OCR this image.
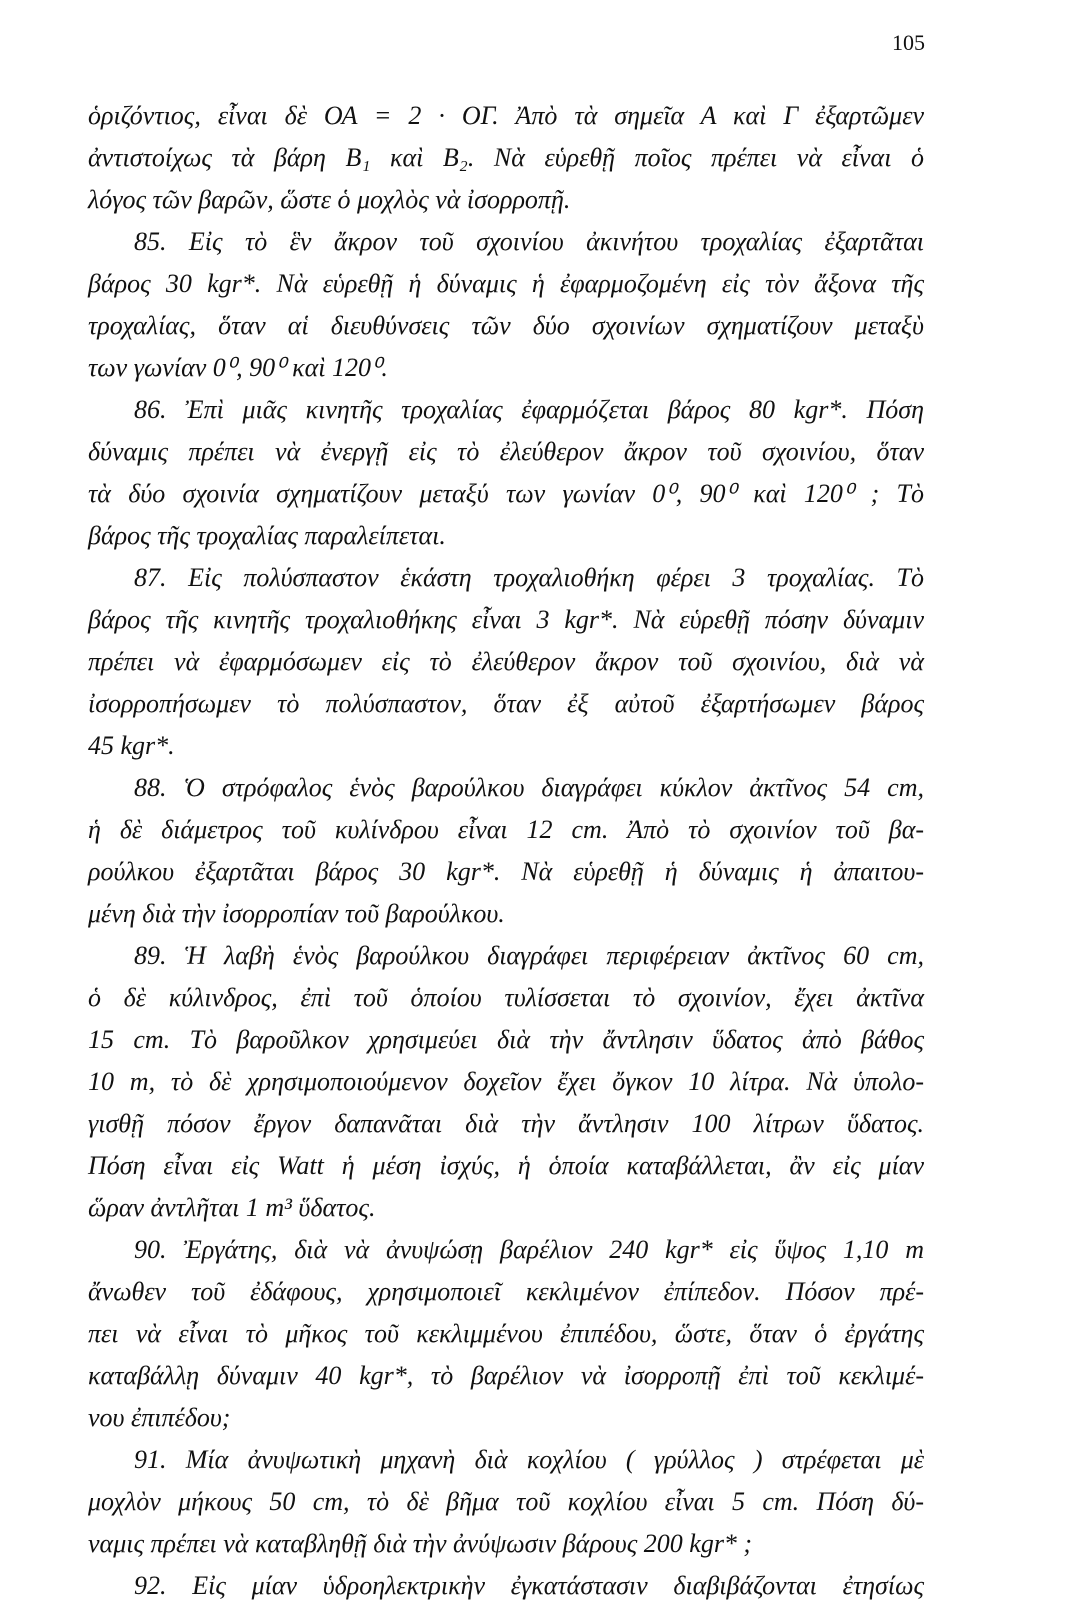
105
ὁριζόντιος, εἶναι δὲ ΟΑ = 2 · ΟΓ. Ἀπὸ τὰ σημεῖα Α καὶ Γ ἐξαρτῶμεν
ἀντιστοίχως τὰ βάρη B₁ καὶ B₂. Νὰ εὑρεθῇ ποῖος πρέπει νὰ εἶναι ὁ
λόγος τῶν βαρῶν, ὥστε ὁ μοχλὸς νὰ ἰσορροπῇ.
85. Εἰς τὸ ἓν ἄκρον τοῦ σχοινίου ἀκινήτου τροχαλίας ἐξαρτᾶται
βάρος 30 kgr*. Νὰ εὑρεθῇ ἡ δύναμις ἡ ἐφαρμοζομένη εἰς τὸν ἄξονα τῆς
τροχαλίας, ὅταν αἱ διευθύνσεις τῶν δύο σχοινίων σχηματίζουν μεταξὺ
των γωνίαν 0⁰, 90⁰ καὶ 120⁰.
86. Ἐπὶ μιᾶς κινητῆς τροχαλίας ἐφαρμόζεται βάρος 80 kgr*. Πόση
δύναμις πρέπει νὰ ἐνεργῇ εἰς τὸ ἐλεύθερον ἄκρον τοῦ σχοινίου, ὅταν
τὰ δύο σχοινία σχηματίζουν μεταξύ των γωνίαν 0⁰, 90⁰ καὶ 120⁰ ; Τὸ
βάρος τῆς τροχαλίας παραλείπεται.
87. Εἰς πολύσπαστον ἑκάστη τροχαλιοθήκη φέρει 3 τροχαλίας. Τὸ
βάρος τῆς κινητῆς τροχαλιοθήκης εἶναι 3 kgr*. Νὰ εὑρεθῇ πόσην δύναμιν
πρέπει νὰ ἐφαρμόσωμεν εἰς τὸ ἐλεύθερον ἄκρον τοῦ σχοινίου, διὰ νὰ
ἰσορροπήσωμεν τὸ πολύσπαστον, ὅταν ἐξ αὐτοῦ ἐξαρτήσωμεν βάρος
45 kgr*.
88. Ὁ στρόφαλος ἑνὸς βαρούλκου διαγράφει κύκλον ἀκτῖνος 54 cm,
ἡ δὲ διάμετρος τοῦ κυλίνδρου εἶναι 12 cm. Ἀπὸ τὸ σχοινίον τοῦ βα-
ρούλκου ἐξαρτᾶται βάρος 30 kgr*. Νὰ εὑρεθῇ ἡ δύναμις ἡ ἀπαιτου-
μένη διὰ τὴν ἰσορροπίαν τοῦ βαρούλκου.
89. Ἡ λαβὴ ἑνὸς βαρούλκου διαγράφει περιφέρειαν ἀκτῖνος 60 cm,
ὁ δὲ κύλινδρος, ἐπὶ τοῦ ὁποίου τυλίσσεται τὸ σχοινίον, ἔχει ἀκτῖνα
15 cm. Τὸ βαροῦλκον χρησιμεύει διὰ τὴν ἄντλησιν ὕδατος ἀπὸ βάθος
10 m, τὸ δὲ χρησιμοποιούμενον δοχεῖον ἔχει ὄγκον 10 λίτρα. Νὰ ὑπολο-
γισθῇ πόσον ἔργον δαπανᾶται διὰ τὴν ἄντλησιν 100 λίτρων ὕδατος.
Πόση εἶναι εἰς Watt ἡ μέση ἰσχύς, ἡ ὁποία καταβάλλεται, ἂν εἰς μίαν
ὥραν ἀντλῆται 1 m³ ὕδατος.
90. Ἐργάτης, διὰ νὰ ἀνυψώσῃ βαρέλιον 240 kgr* εἰς ὕψος 1,10 m
ἄνωθεν τοῦ ἐδάφους, χρησιμοποιεῖ κεκλιμένον ἐπίπεδον. Πόσον πρέ-
πει νὰ εἶναι τὸ μῆκος τοῦ κεκλιμμένου ἐπιπέδου, ὥστε, ὅταν ὁ ἐργάτης
καταβάλλῃ δύναμιν 40 kgr*, τὸ βαρέλιον νὰ ἰσορροπῇ ἐπὶ τοῦ κεκλιμέ-
νου ἐπιπέδου;
91. Μία ἀνυψωτικὴ μηχανὴ διὰ κοχλίου ( γρύλλος ) στρέφεται μὲ
μοχλὸν μήκους 50 cm, τὸ δὲ βῆμα τοῦ κοχλίου εἶναι 5 cm. Πόση δύ-
ναμις πρέπει νὰ καταβληθῇ διὰ τὴν ἀνύψωσιν βάρους 200 kgr* ;
92. Εἰς μίαν ὑδροηλεκτρικὴν ἐγκατάστασιν διαβιβάζονται ἐτησίως
